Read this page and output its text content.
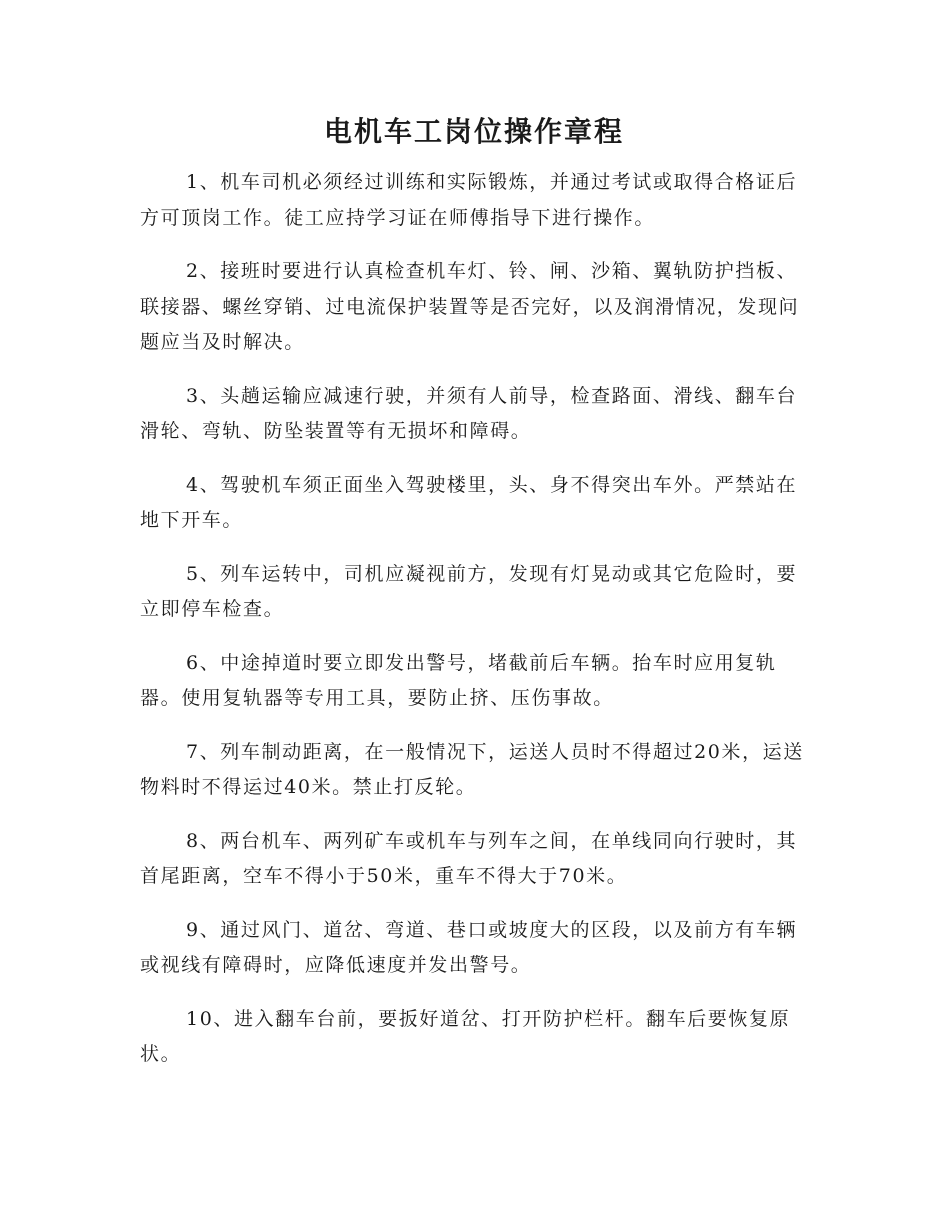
电机车工岗位操作章程

1、机车司机必须经过训练和实际锻炼，并通过考试或取得合格证后方可顶岗工作。徒工应持学习证在师傅指导下进行操作。

2、接班时要进行认真检查机车灯、铃、闸、沙箱、翼轨防护挡板、联接器、螺丝穿销、过电流保护装置等是否完好，以及润滑情况，发现问题应当及时解决。

3、头趟运输应减速行驶，并须有人前导，检查路面、滑线、翻车台滑轮、弯轨、防坠装置等有无损坏和障碍。

4、驾驶机车须正面坐入驾驶楼里，头、身不得突出车外。严禁站在地下开车。

5、列车运转中，司机应凝视前方，发现有灯晃动或其它危险时，要立即停车检查。

6、中途掉道时要立即发出警号，堵截前后车辆。抬车时应用复轨器。使用复轨器等专用工具，要防止挤、压伤事故。

7、列车制动距离，在一般情况下，运送人员时不得超过20米，运送物料时不得运过40米。禁止打反轮。

8、两台机车、两列矿车或机车与列车之间，在单线同向行驶时，其首尾距离，空车不得小于50米，重车不得大于70米。

9、通过风门、道岔、弯道、巷口或坡度大的区段，以及前方有车辆或视线有障碍时，应降低速度并发出警号。

10、进入翻车台前，要扳好道岔、打开防护栏杆。翻车后要恢复原状。
